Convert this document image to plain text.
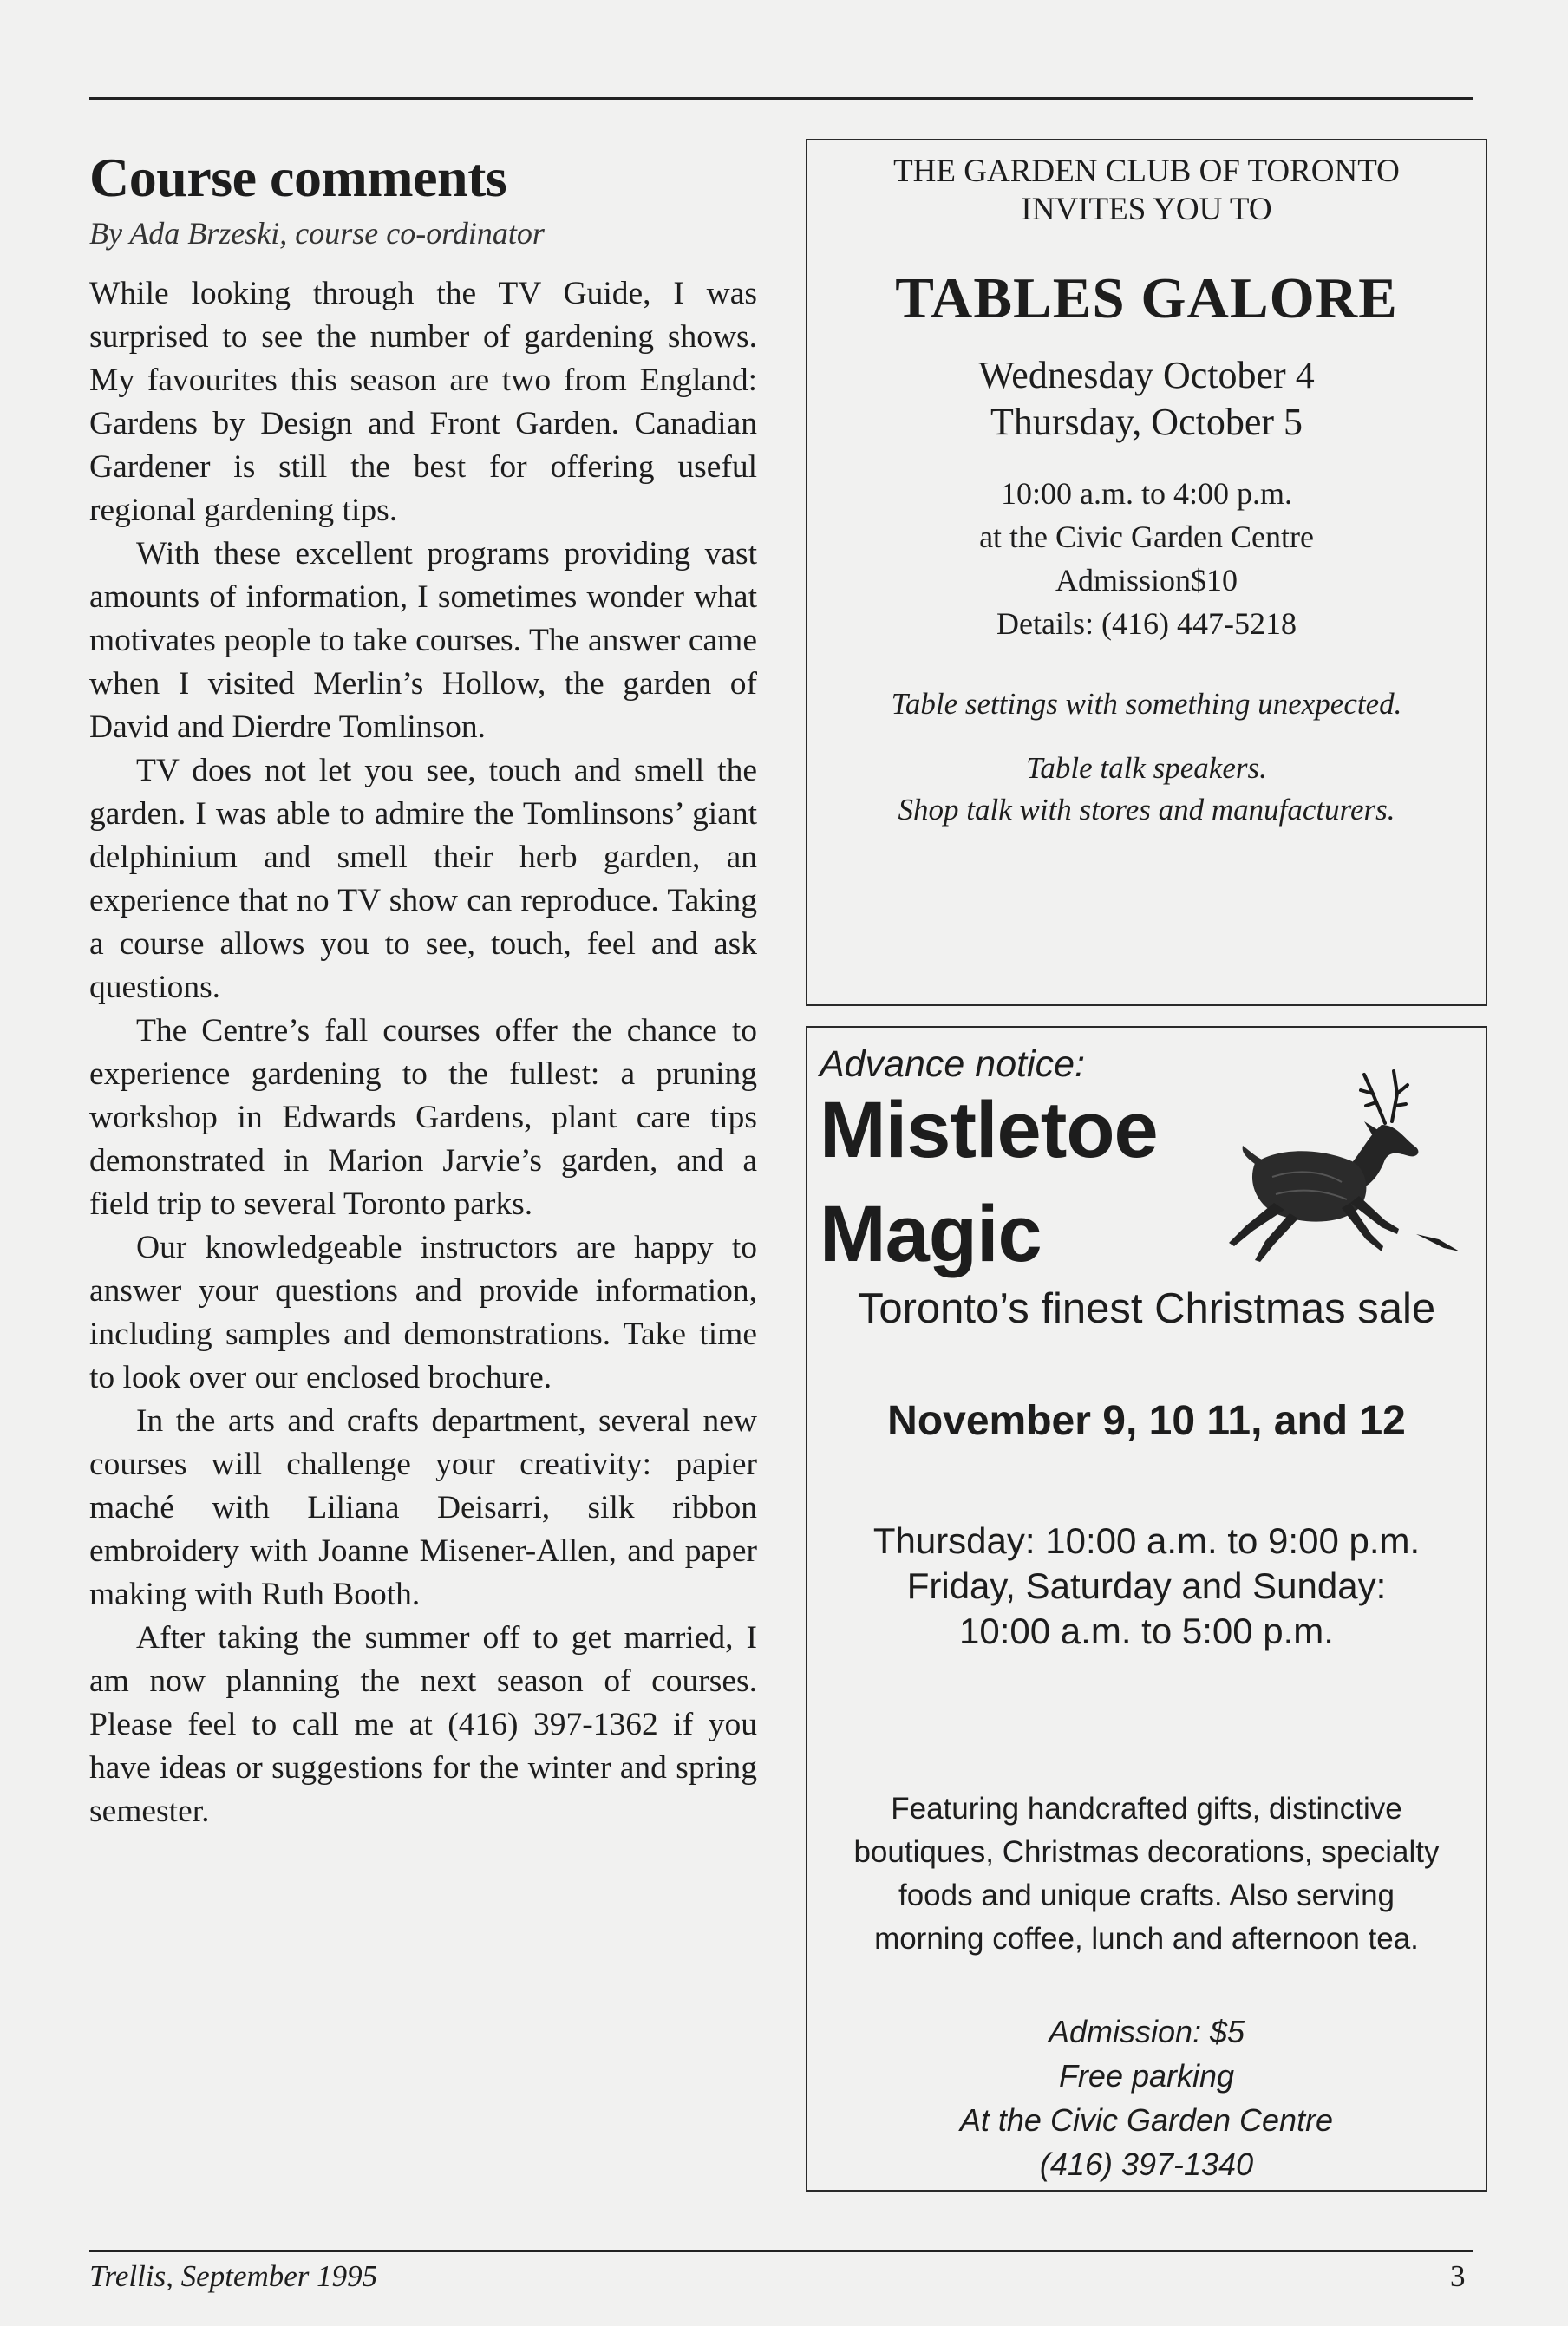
Course comments

By Ada Brzeski, course co-ordinator

While looking through the TV Guide, I was surprised to see the number of gardening shows. My favourites this season are two from England: Gardens by Design and Front Garden. Canadian Gardener is still the best for offering useful regional gardening tips.

With these excellent programs providing vast amounts of information, I sometimes wonder what motivates people to take courses. The answer came when I visited Merlin’s Hollow, the garden of David and Dierdre Tomlinson.

TV does not let you see, touch and smell the garden. I was able to admire the Tomlinsons’ giant delphinium and smell their herb garden, an experience that no TV show can reproduce. Taking a course allows you to see, touch, feel and ask questions.

The Centre’s fall courses offer the chance to experience gardening to the fullest: a pruning workshop in Edwards Gardens, plant care tips demonstrated in Marion Jarvie’s garden, and a field trip to several Toronto parks.

Our knowledgeable instructors are happy to answer your questions and provide information, including samples and demonstrations. Take time to look over our enclosed brochure.

In the arts and crafts department, several new courses will challenge your creativity: papier maché with Liliana Deisarri, silk ribbon embroidery with Joanne Misener-Allen, and paper making with Ruth Booth.

After taking the summer off to get married, I am now planning the next season of courses. Please feel to call me at (416) 397-1362 if you have ideas or suggestions for the winter and spring semester.

THE GARDEN CLUB OF TORONTO

INVITES YOU TO

TABLES GALORE

Wednesday October 4

Thursday, October 5

10:00 a.m. to 4:00 p.m.

at the Civic Garden Centre

Admission$10

Details: (416) 447-5218

Table settings with something unexpected.

Table talk speakers.

Shop talk with stores and manufacturers.

Advance notice:

Mistletoe

Magic

Toronto’s finest Christmas sale

November 9, 10 11, and 12

Thursday: 10:00 a.m. to 9:00 p.m.

Friday, Saturday and Sunday:

10:00 a.m. to 5:00 p.m.

Featuring handcrafted gifts, distinctive

boutiques, Christmas decorations, specialty

foods and unique crafts. Also serving

morning coffee, lunch and afternoon tea.

Admission: $5

Free parking

At the Civic Garden Centre

(416) 397-1340

Trellis, September 1995	3
